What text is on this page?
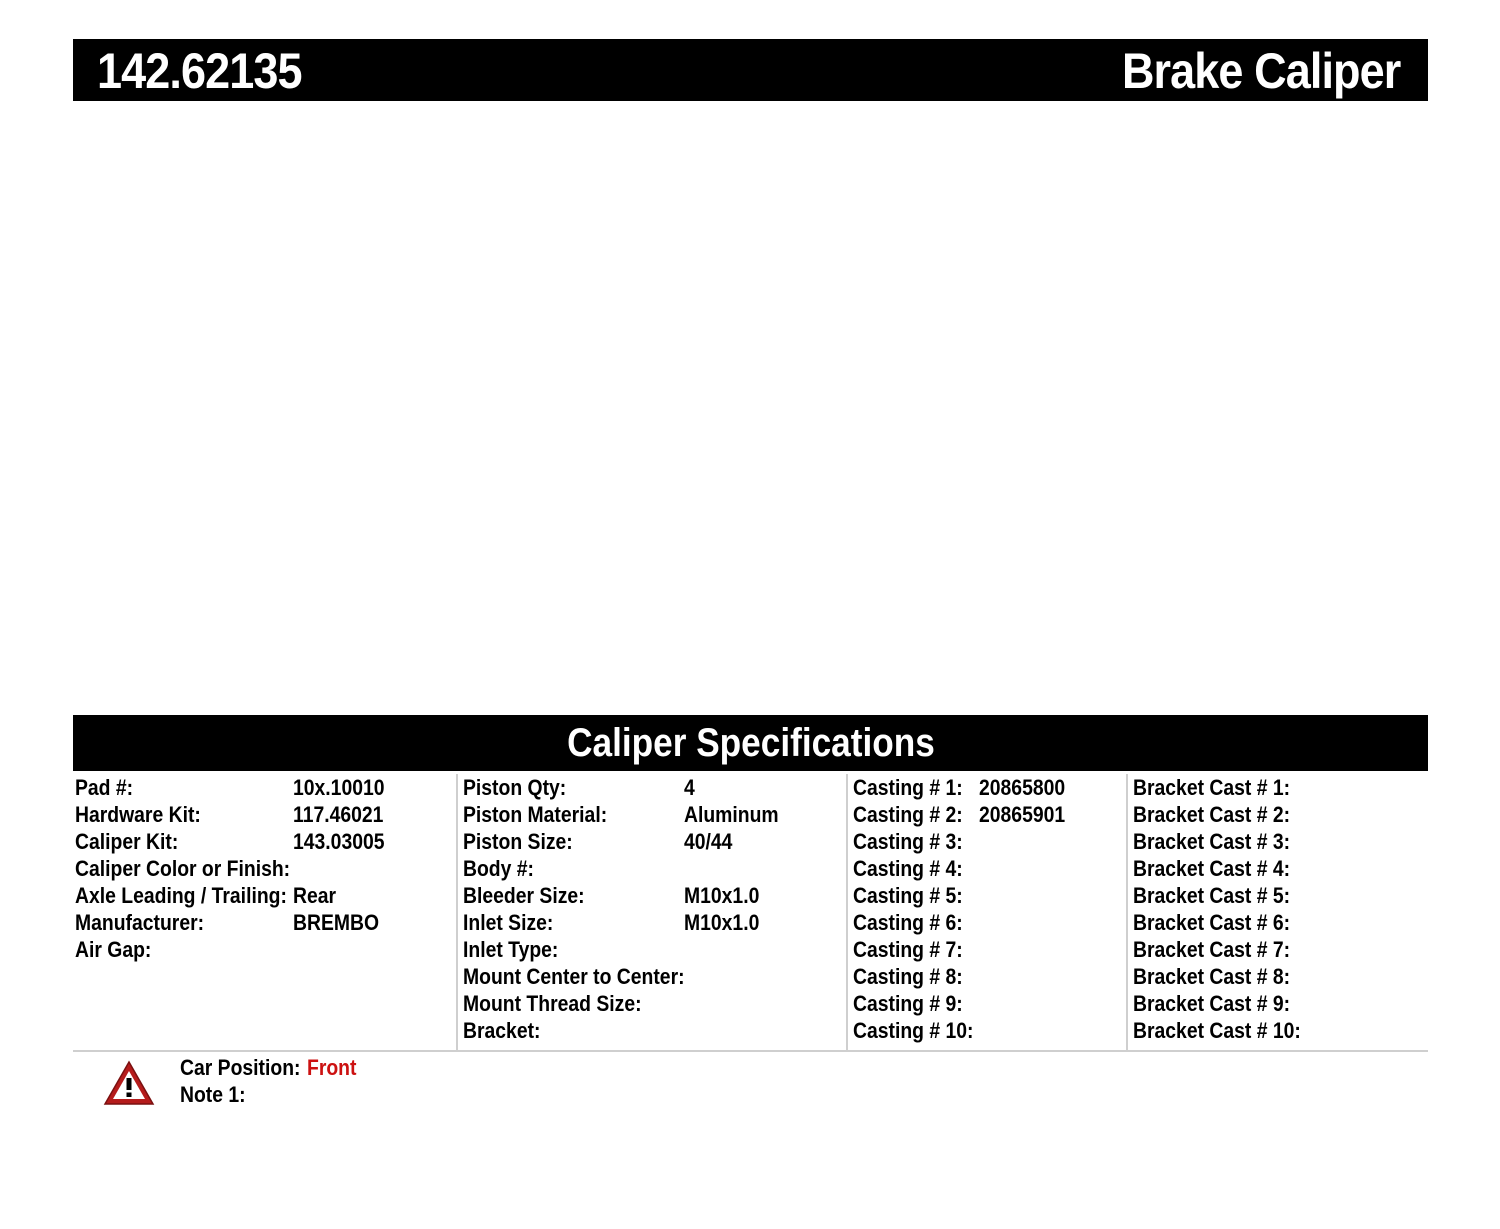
142.62135	Brake Caliper
Caliper Specifications
Pad #:	10x.10010
Hardware Kit:	117.46021
Caliper Kit:	143.03005
Caliper Color or Finish:
Axle Leading / Trailing: Rear
Manufacturer:	BREMBO
Air Gap:
Piston Qty:	4
Piston Material:	Aluminum
Piston Size:	40/44
Body #:
Bleeder Size:	M10x1.0
Inlet Size:	M10x1.0
Inlet Type:
Mount Center to Center:
Mount Thread Size:
Bracket:
Casting # 1: 20865800
Casting # 2: 20865901
Casting # 3:
Casting # 4:
Casting # 5:
Casting # 6:
Casting # 7:
Casting # 8:
Casting # 9:
Casting # 10:
Bracket Cast # 1:
Bracket Cast # 2:
Bracket Cast # 3:
Bracket Cast # 4:
Bracket Cast # 5:
Bracket Cast # 6:
Bracket Cast # 7:
Bracket Cast # 8:
Bracket Cast # 9:
Bracket Cast # 10:
Car Position: Front
Note 1:
